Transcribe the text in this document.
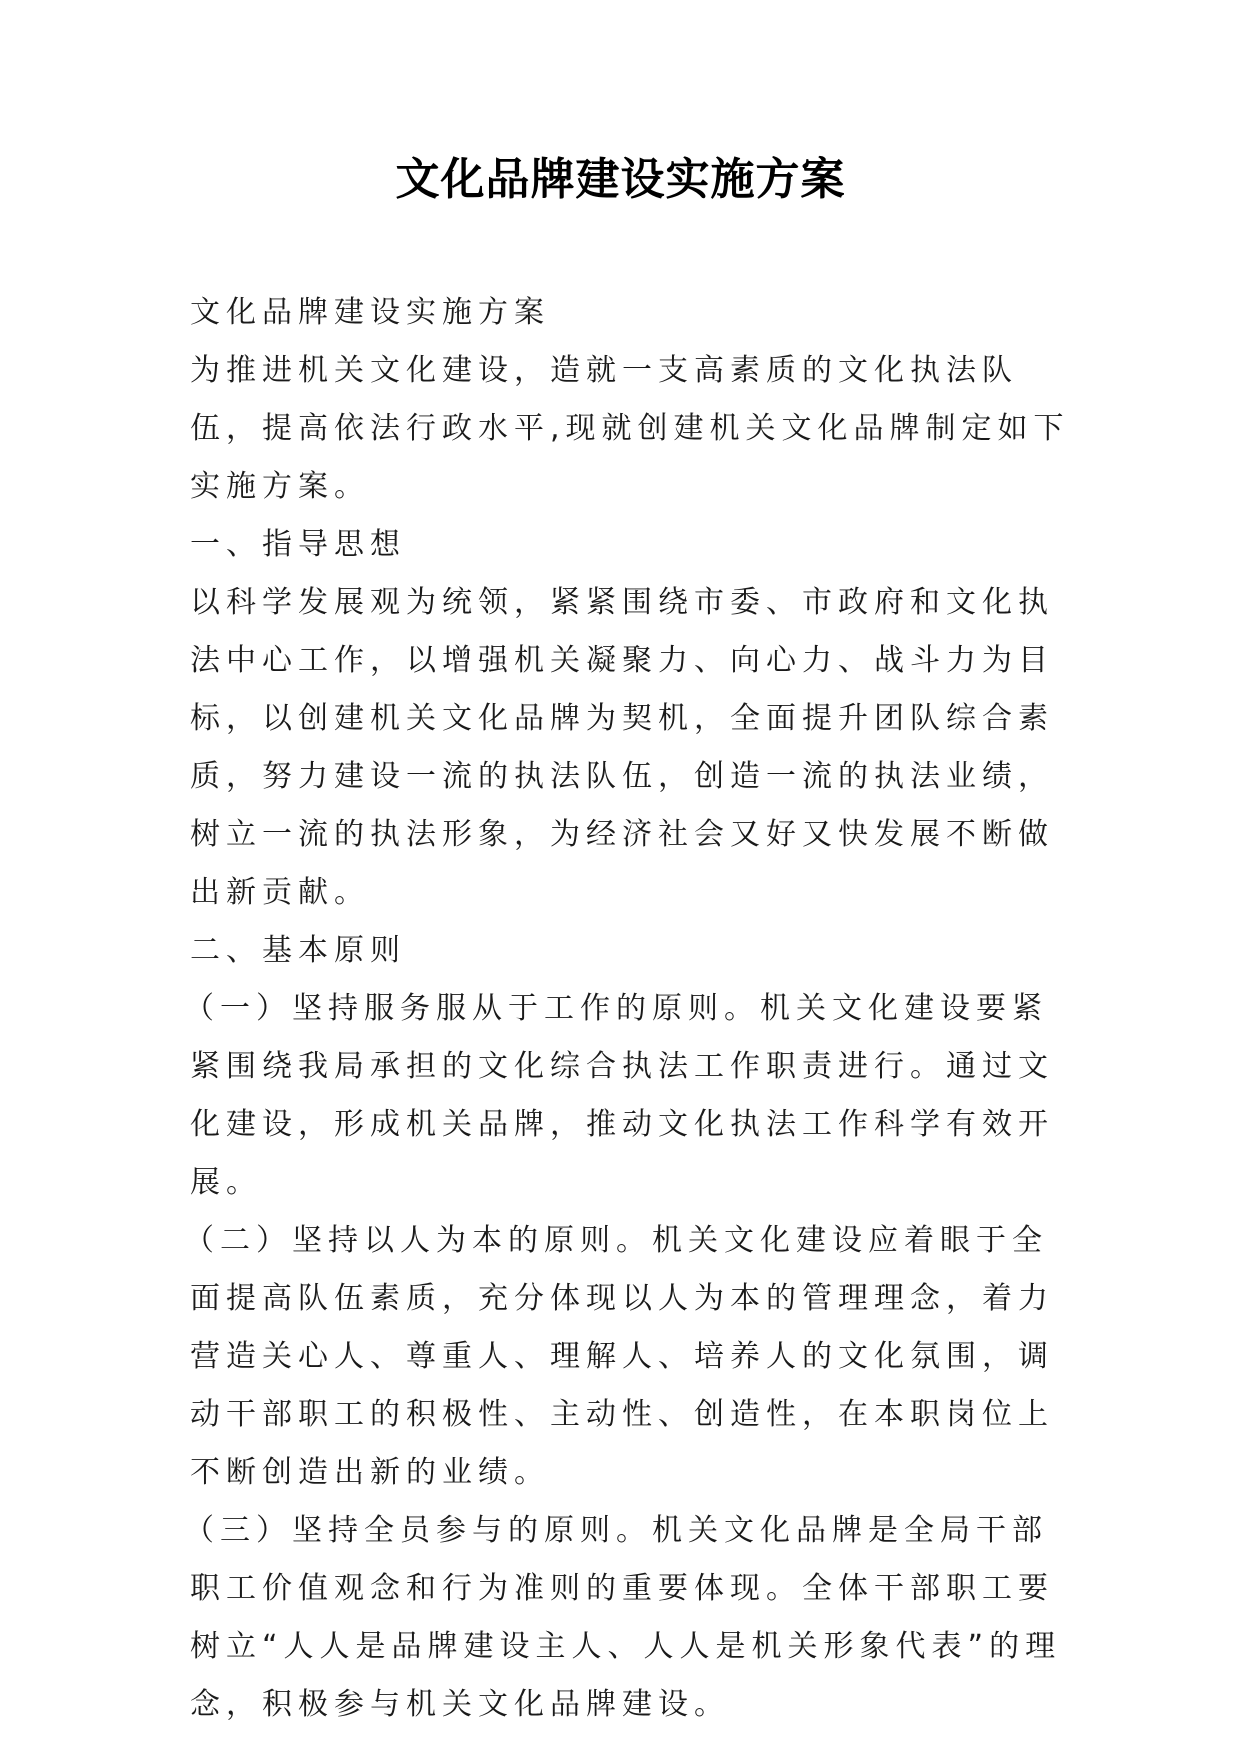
文化品牌建设实施方案

文化品牌建设实施方案

为推进机关文化建设，造就一支高素质的文化执法队伍，提高依法行政水平,现就创建机关文化品牌制定如下实施方案。

一、指导思想

以科学发展观为统领，紧紧围绕市委、市政府和文化执法中心工作，以增强机关凝聚力、向心力、战斗力为目标，以创建机关文化品牌为契机，全面提升团队综合素质，努力建设一流的执法队伍，创造一流的执法业绩，树立一流的执法形象，为经济社会又好又快发展不断做出新贡献。

二、基本原则

（一）坚持服务服从于工作的原则。机关文化建设要紧紧围绕我局承担的文化综合执法工作职责进行。通过文化建设，形成机关品牌，推动文化执法工作科学有效开展。

（二）坚持以人为本的原则。机关文化建设应着眼于全面提高队伍素质，充分体现以人为本的管理理念，着力营造关心人、尊重人、理解人、培养人的文化氛围，调动干部职工的积极性、主动性、创造性，在本职岗位上不断创造出新的业绩。

（三）坚持全员参与的原则。机关文化品牌是全局干部职工价值观念和行为准则的重要体现。全体干部职工要树立“人人是品牌建设主人、人人是机关形象代表”的理念，积极参与机关文化品牌建设。
